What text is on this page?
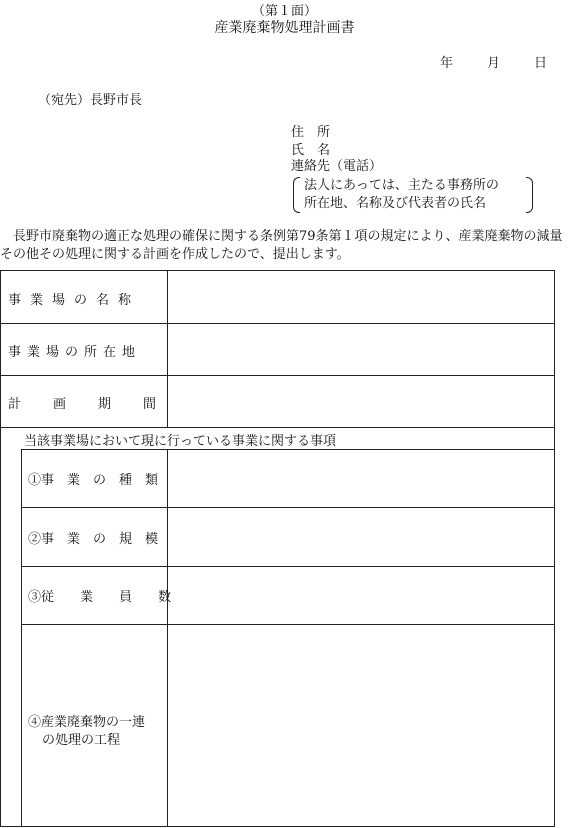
（第１面）
産業廃棄物処理計画書
年	月	日
（宛先）長野市長
住　所
氏　名
連絡先（電話）
法人にあっては、主たる事務所の
所在地、名称及び代表者の氏名
長野市廃棄物の適正な処理の確保に関する条例第79条第１項の規定により、産業廃棄物の減量その他その処理に関する計画を作成したので、提出します。
事業場の名称
事業場の所在地
計画期間
当該事業場において現に行っている事業に関する事項
①事　業　の　種　類
②事　業　の　規　模
③従　　業　　員　　数
④産業廃棄物の一連
の処理の工程
